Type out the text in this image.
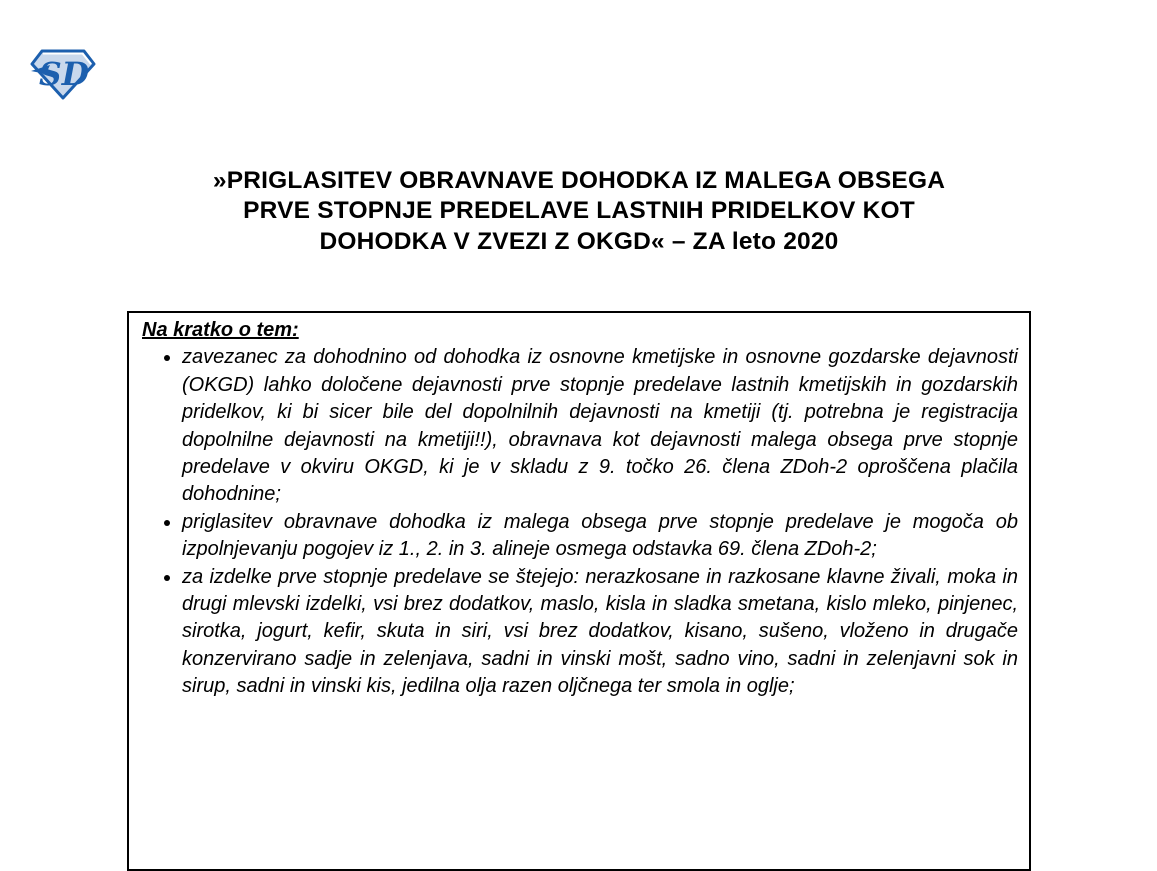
SD
»PRIGLASITEV OBRAVNAVE DOHODKA IZ MALEGA OBSEGA
PRVE STOPNJE PREDELAVE LASTNIH PRIDELKOV KOT
DOHODKA V ZVEZI Z OKGD« – ZA leto 2020
Na kratko o tem:
• zavezanec za dohodnino od dohodka iz osnovne kmetijske in osnovne gozdarske dejavnosti (OKGD) lahko določene dejavnosti prve stopnje predelave lastnih kmetijskih in gozdarskih pridelkov, ki bi sicer bile del dopolnilnih dejavnosti na kmetiji (tj. potrebna je registracija dopolnilne dejavnosti na kmetiji!!), obravnava kot dejavnosti malega obsega prve stopnje predelave v okviru OKGD, ki je v skladu z 9. točko 26. člena ZDoh-2 oproščena plačila dohodnine;
• priglasitev obravnave dohodka iz malega obsega prve stopnje predelave je mogoča ob izpolnjevanju pogojev iz 1., 2. in 3. alineje osmega odstavka 69. člena ZDoh-2;
• za izdelke prve stopnje predelave se štejejo: nerazkosane in razkosane klavne živali, moka in drugi mlevski izdelki, vsi brez dodatkov, maslo, kisla in sladka smetana, kislo mleko, pinjenec, sirotka, jogurt, kefir, skuta in siri, vsi brez dodatkov, kisano, sušeno, vloženo in drugače konzervirano sadje in zelenjava, sadni in vinski mošt, sadno vino, sadni in zelenjavni sok in sirup, sadni in vinski kis, jedilna olja razen oljčnega ter smola in oglje;
